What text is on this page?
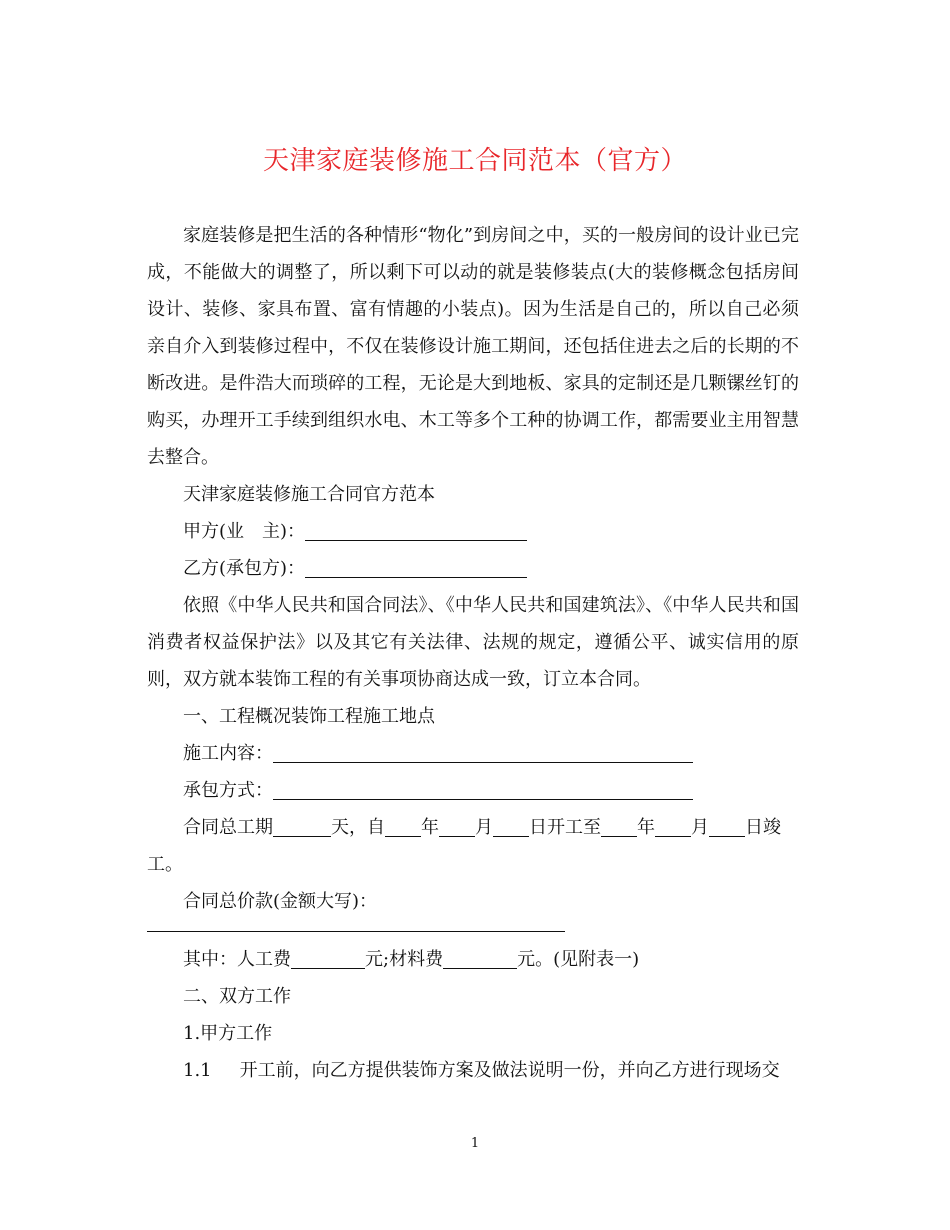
天津家庭装修施工合同范本（官方）

家庭装修是把生活的各种情形“物化”到房间之中，买的一般房间的设计业已完成，不能做大的调整了，所以剩下可以动的就是装修装点(大的装修概念包括房间设计、装修、家具布置、富有情趣的小装点)。因为生活是自己的，所以自己必须亲自介入到装修过程中，不仅在装修设计施工期间，还包括住进去之后的长期的不断改进。是件浩大而琐碎的工程，无论是大到地板、家具的定制还是几颗镙丝钉的购买，办理开工手续到组织水电、木工等多个工种的协调工作，都需要业主用智慧去整合。

天津家庭装修施工合同官方范本

甲方(业　主)：

乙方(承包方)：

依照《中华人民共和国合同法》、《中华人民共和国建筑法》、《中华人民共和国消费者权益保护法》以及其它有关法律、法规的规定，遵循公平、诚实信用的原则，双方就本装饰工程的有关事项协商达成一致，订立本合同。

一、工程概况装饰工程施工地点

施工内容：

承包方式：

合同总工期	天，自 年 月 日开工至 年 月 日竣

工。

合同总价款(金额大写)：

其中：人工费	元;材料费	元。(见附表一)

二、双方工作

1.甲方工作

1.1 开工前，向乙方提供装饰方案及做法说明一份，并向乙方进行现场交

1
